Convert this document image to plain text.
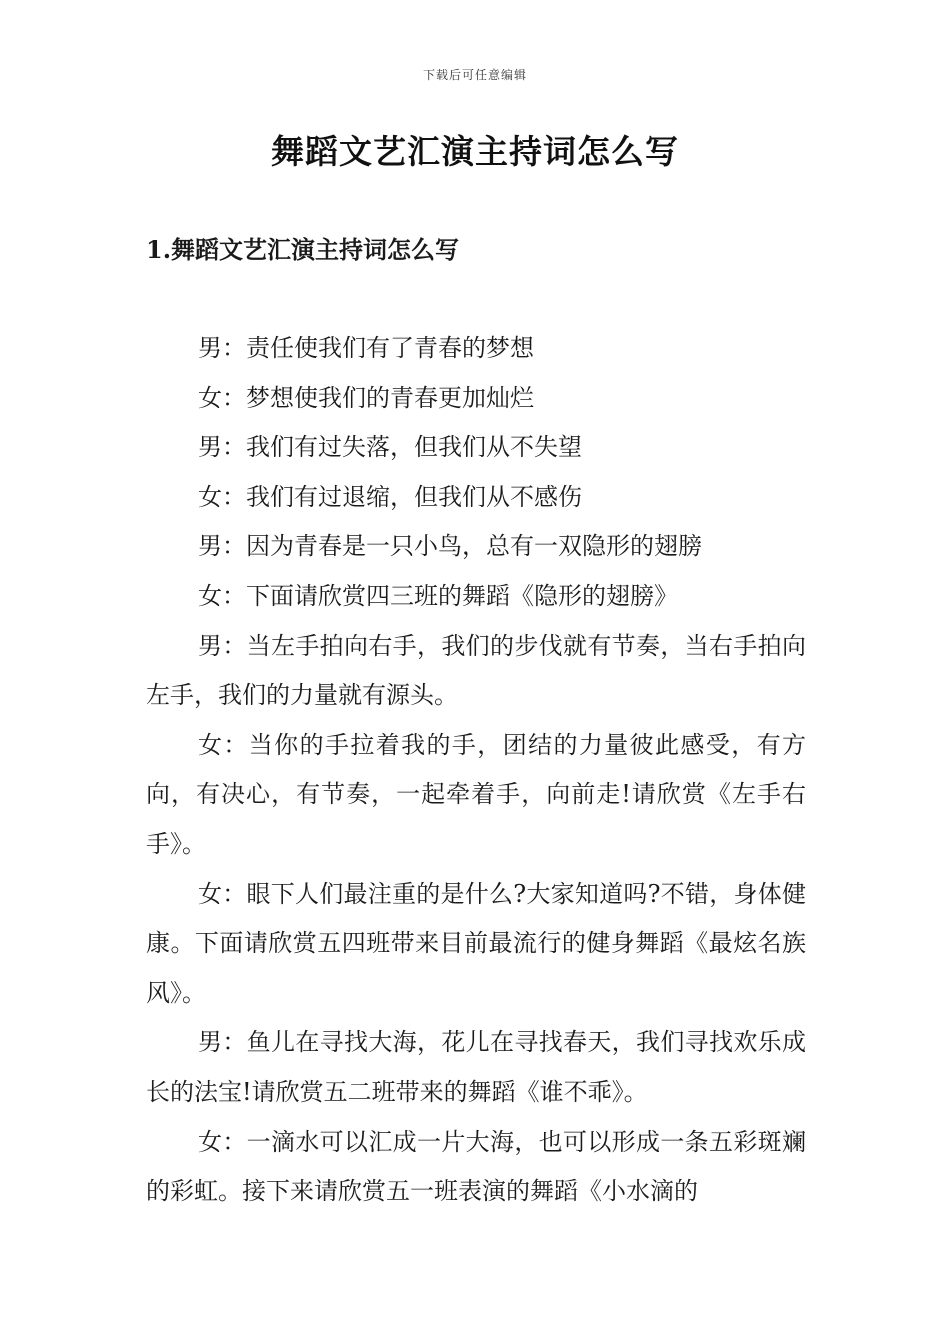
下载后可任意编辑
舞蹈文艺汇演主持词怎么写
1.舞蹈文艺汇演主持词怎么写

男：责任使我们有了青春的梦想

女：梦想使我们的青春更加灿烂

男：我们有过失落，但我们从不失望

女：我们有过退缩，但我们从不感伤

男：因为青春是一只小鸟，总有一双隐形的翅膀

女：下面请欣赏四三班的舞蹈《隐形的翅膀》

男：当左手拍向右手，我们的步伐就有节奏，当右手拍向左手，我们的力量就有源头。

女：当你的手拉着我的手，团结的力量彼此感受，有方向，有决心，有节奏，一起牵着手，向前走!请欣赏《左手右手》。

女：眼下人们最注重的是什么?大家知道吗?不错，身体健康。下面请欣赏五四班带来目前最流行的健身舞蹈《最炫名族风》。

男：鱼儿在寻找大海，花儿在寻找春天，我们寻找欢乐成长的法宝!请欣赏五二班带来的舞蹈《谁不乖》。

女：一滴水可以汇成一片大海，也可以形成一条五彩斑斓的彩虹。接下来请欣赏五一班表演的舞蹈《小水滴的
